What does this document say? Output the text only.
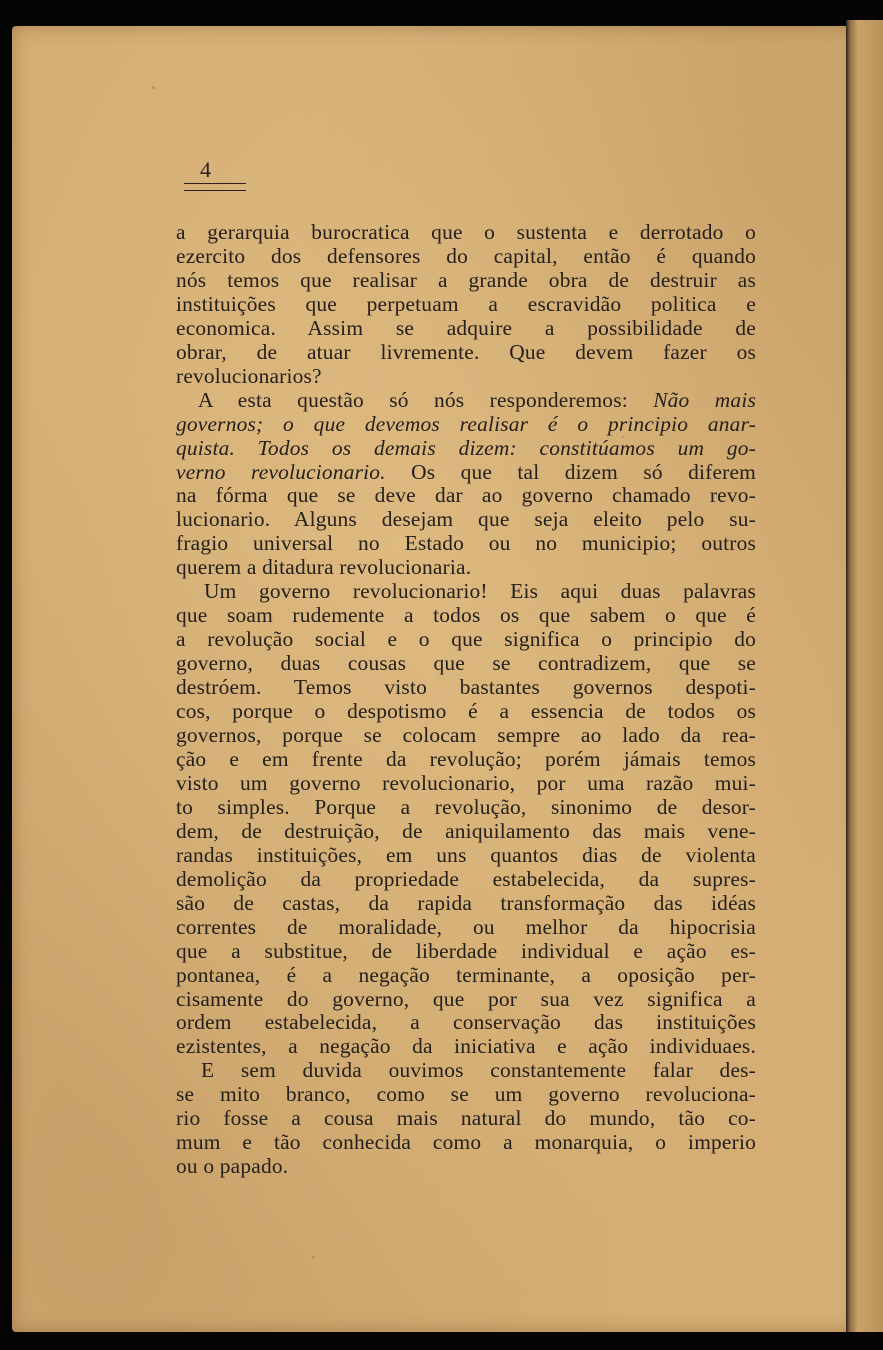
4
a gerarquia burocratica que o sustenta e derrotado o
ezercito dos defensores do capital, então é quando
nós temos que realisar a grande obra de destruir as
instituições que perpetuam a escravidão politica e
economica. Assim se adquire a possibilidade de
obrar, de atuar livremente. Que devem fazer os
revolucionarios?
A esta questão só nós responderemos: Não mais
governos; o que devemos realisar é o principio anar-
quista. Todos os demais dizem: constitúamos um go-
verno revolucionario. Os que tal dizem só diferem
na fórma que se deve dar ao governo chamado revo-
lucionario. Alguns desejam que seja eleito pelo su-
fragio universal no Estado ou no municipio; outros
querem a ditadura revolucionaria.
Um governo revolucionario! Eis aqui duas palavras
que soam rudemente a todos os que sabem o que é
a revolução social e o que significa o principio do
governo, duas cousas que se contradizem, que se
destróem. Temos visto bastantes governos despoti-
cos, porque o despotismo é a essencia de todos os
governos, porque se colocam sempre ao lado da rea-
ção e em frente da revolução; porém jámais temos
visto um governo revolucionario, por uma razão mui-
to simples. Porque a revolução, sinonimo de desor-
dem, de destruição, de aniquilamento das mais vene-
randas instituições, em uns quantos dias de violenta
demolição da propriedade estabelecida, da supres-
são de castas, da rapida transformação das idéas
correntes de moralidade, ou melhor da hipocrisia
que a substitue, de liberdade individual e ação es-
pontanea, é a negação terminante, a oposição per-
cisamente do governo, que por sua vez significa a
ordem estabelecida, a conservação das instituições
ezistentes, a negação da iniciativa e ação individuaes.
E sem duvida ouvimos constantemente falar des-
se mito branco, como se um governo revoluciona-
rio fosse a cousa mais natural do mundo, tão co-
mum e tão conhecida como a monarquia, o imperio
ou o papado.
